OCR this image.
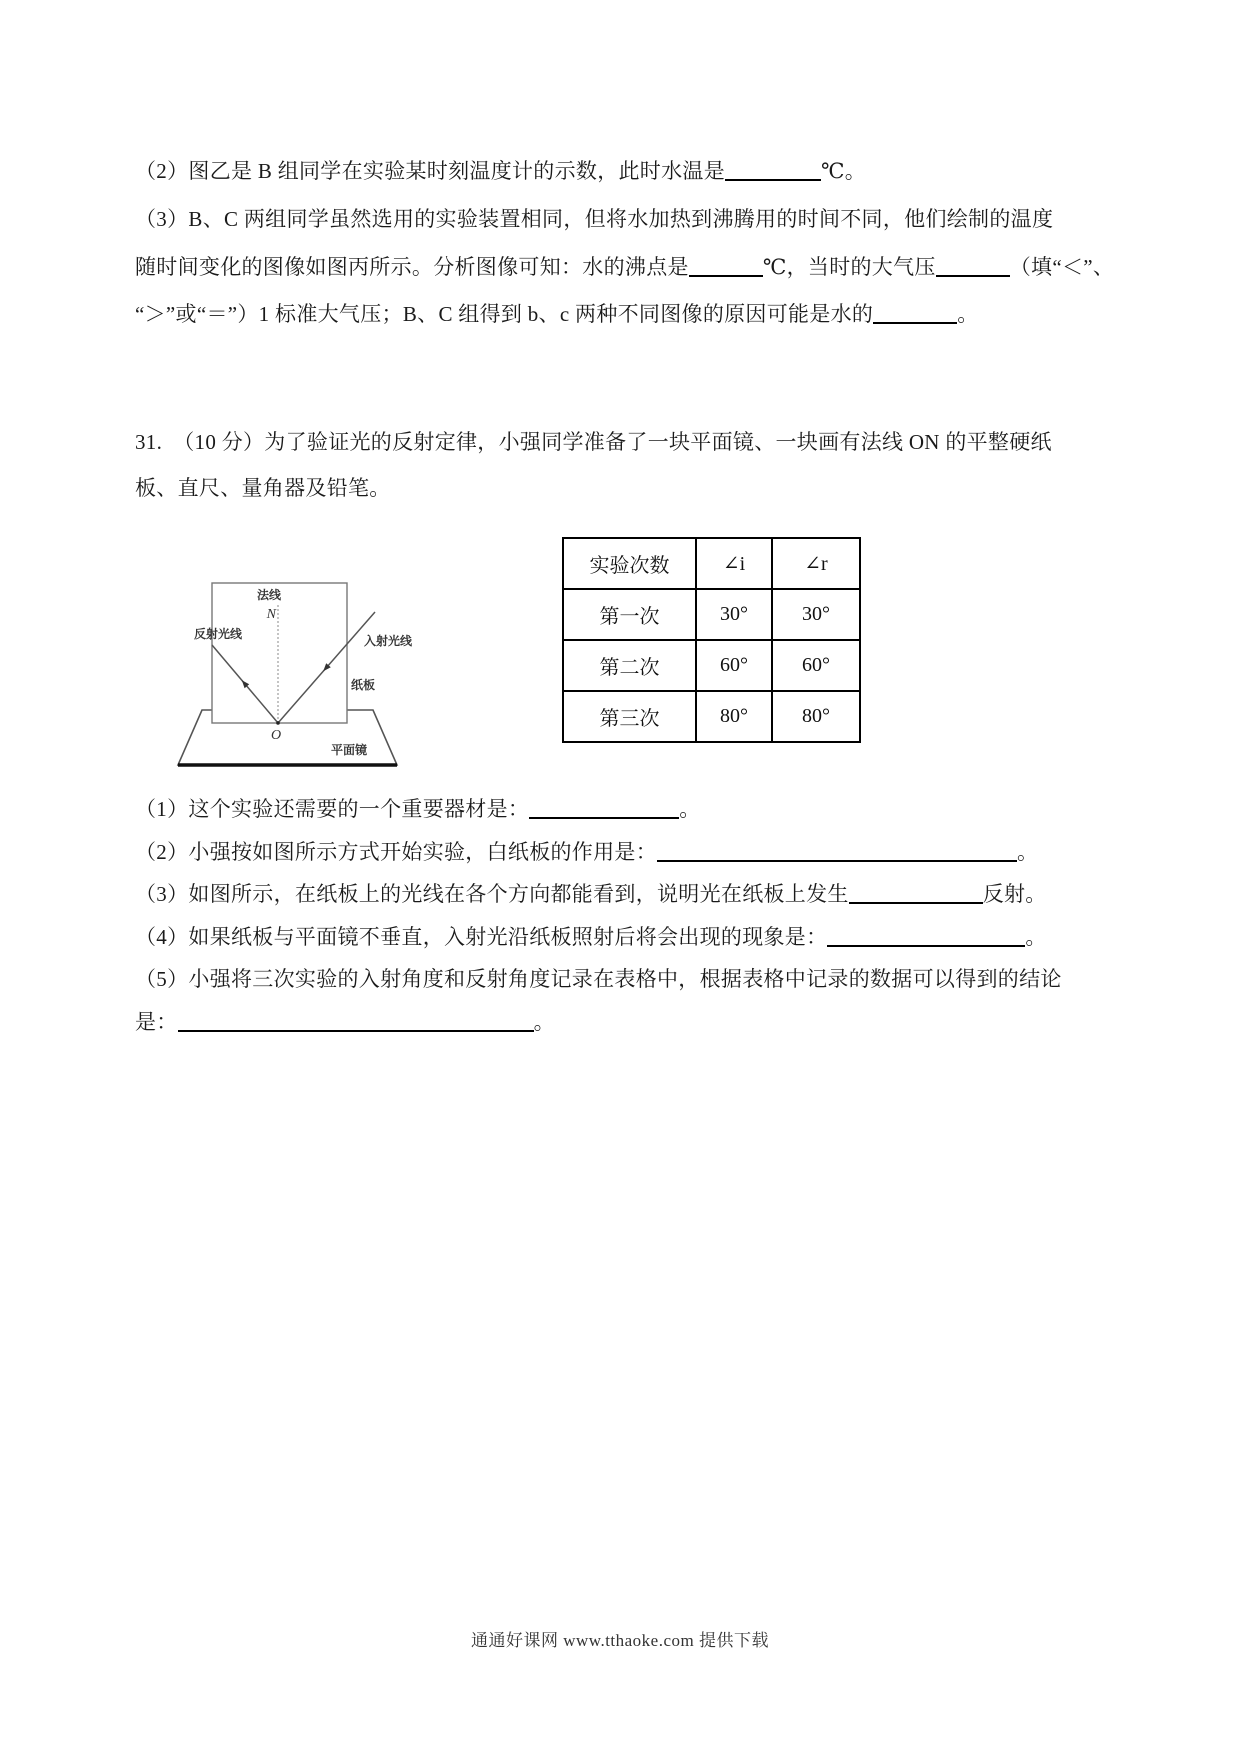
（2）图乙是 B 组同学在实验某时刻温度计的示数，此时水温是	℃。
（3）B、C 两组同学虽然选用的实验装置相同，但将水加热到沸腾用的时间不同，他们绘制的温度
随时间变化的图像如图丙所示。分析图像可知：水的沸点是	℃，当时的大气压	（填“＜”、
“＞”或“＝”）1 标准大气压；B、C 组得到 b、c 两种不同图像的原因可能是水的	。
31.  （10 分）为了验证光的反射定律，小强同学准备了一块平面镜、一块画有法线 ON 的平整硬纸
板、直尺、量角器及铅笔。
法线
N
反射光线	入射光线
纸板
O
平面镜
实验次数	∠i	∠r
第一次	30°	30°
第二次	60°	60°
第三次	80°	80°
（1）这个实验还需要的一个重要器材是：	。
（2）小强按如图所示方式开始实验，白纸板的作用是：	。
（3）如图所示，在纸板上的光线在各个方向都能看到，说明光在纸板上发生	反射。
（4）如果纸板与平面镜不垂直，入射光沿纸板照射后将会出现的现象是：	。
（5）小强将三次实验的入射角度和反射角度记录在表格中，根据表格中记录的数据可以得到的结论
是：	。
通通好课网 www.tthaoke.com 提供下载
